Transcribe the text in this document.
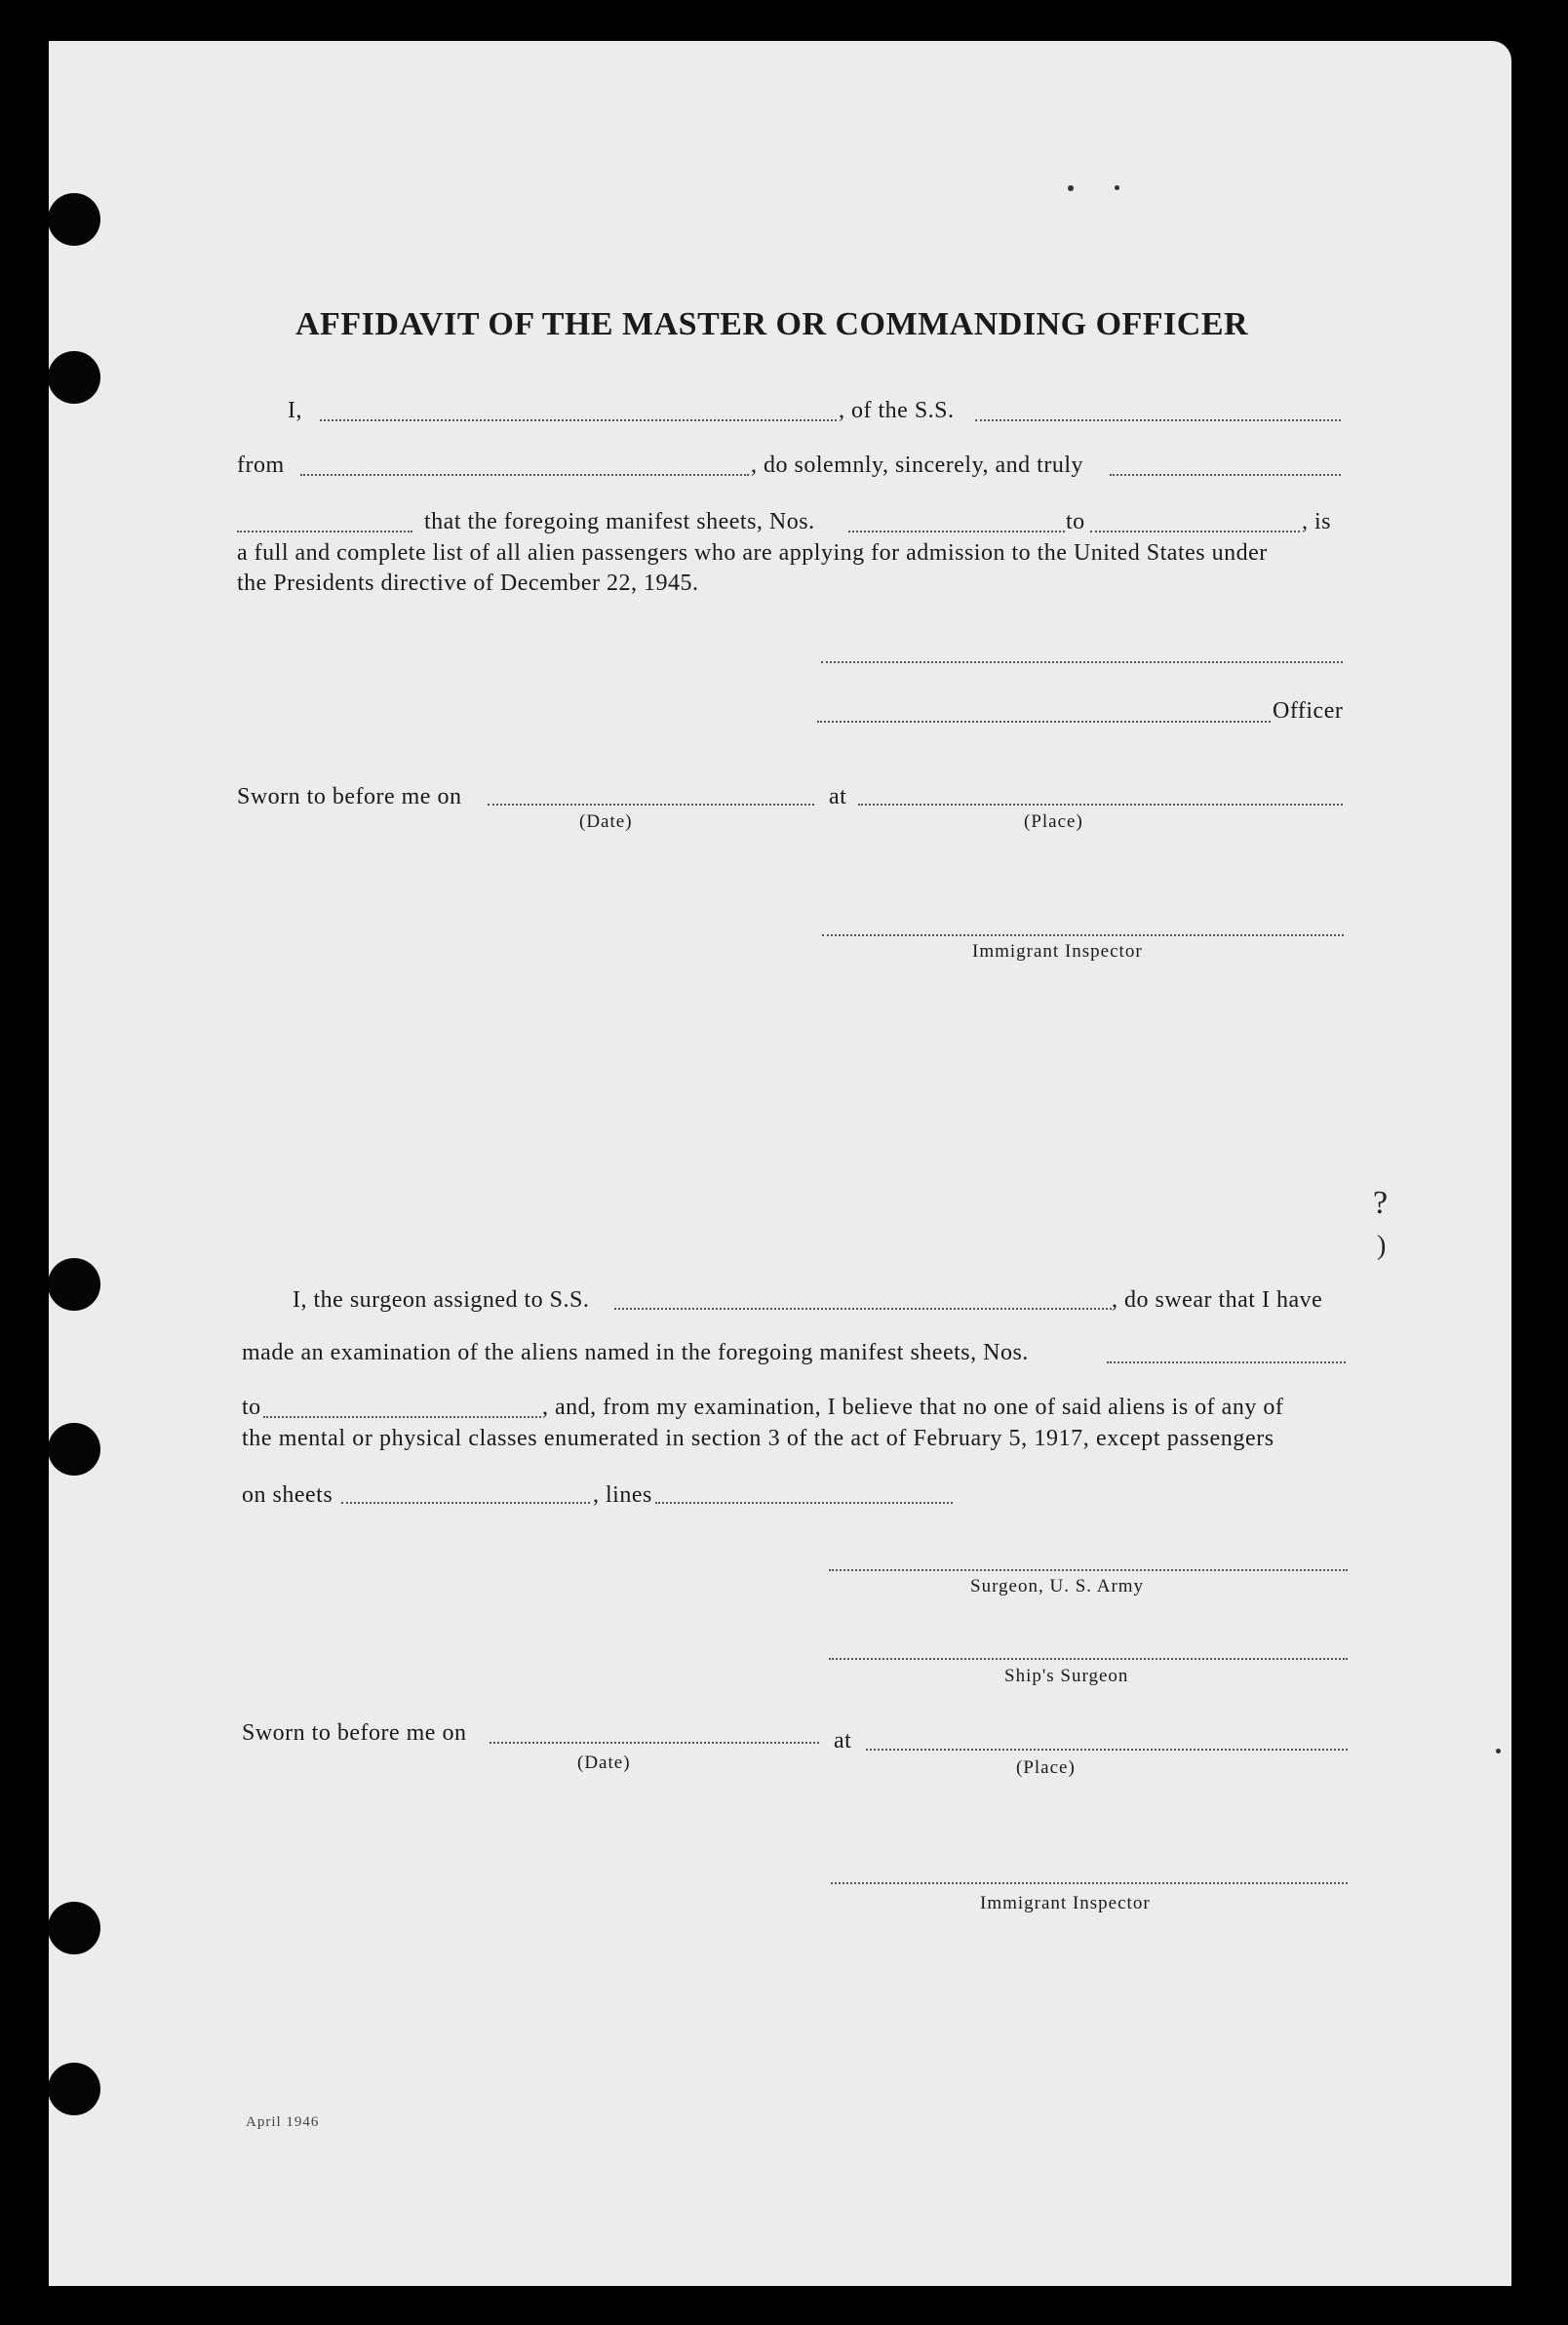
AFFIDAVIT OF THE MASTER OR COMMANDING OFFICER
I,	, of the S.S.
from	, do solemnly, sincerely, and truly
that the foregoing manifest sheets, Nos.	to	, is
a full and complete list of all alien passengers who are applying for admission to the United States under
the Presidents directive of December 22, 1945.
Officer
Sworn to before me on	at
(Date)	(Place)
Immigrant Inspector
?
)
I, the surgeon assigned to S.S.	, do swear that I have
made an examination of the aliens named in the foregoing manifest sheets, Nos.
to	, and, from my examination, I believe that no one of said aliens is of any of
the mental or physical classes enumerated in section 3 of the act of February 5, 1917, except passengers
on sheets	, lines
Surgeon, U. S. Army
Ship's Surgeon
Sworn to before me on	at
(Date)	(Place)
Immigrant Inspector
April 1946
